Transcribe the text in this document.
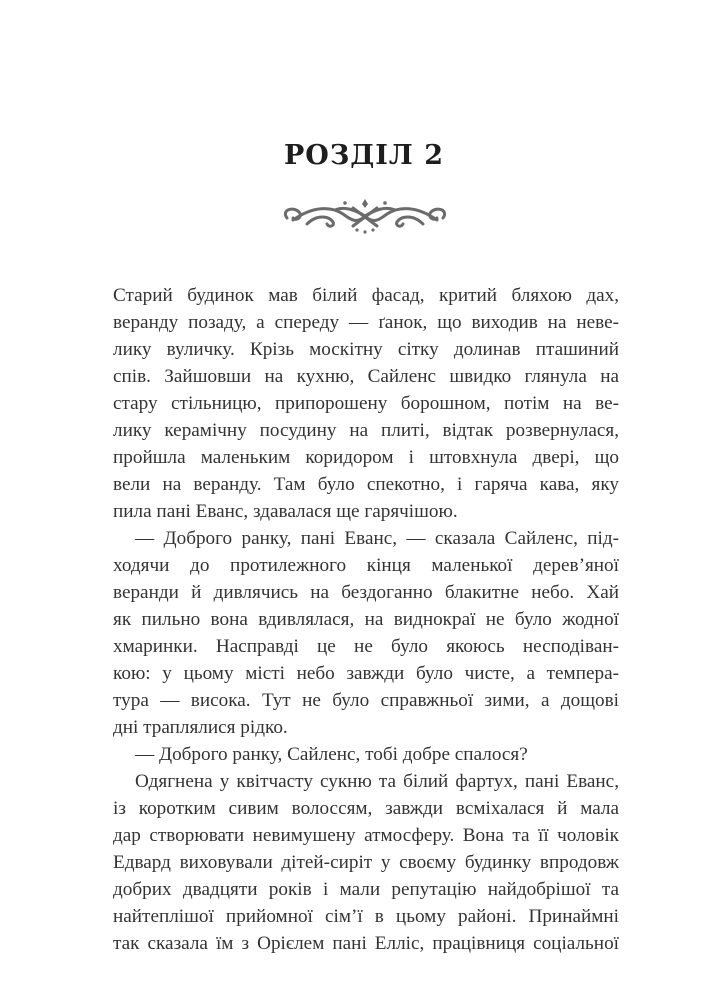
РОЗДІЛ 2
Старий будинок мав білий фасад, критий бляхою дах,
веранду позаду, а спереду — ґанок, що виходив на неве-
лику вуличку. Крізь москітну сітку долинав пташиний
спів. Зайшовши на кухню, Сайленс швидко глянула на
стару стільницю, припорошену борошном, потім на ве-
лику керамічну посудину на плиті, відтак розвернулася,
пройшла маленьким коридором і штовхнула двері, що
вели на веранду. Там було спекотно, і гаряча кава, яку
пила пані Еванс, здавалася ще гарячішою.
— Доброго ранку, пані Еванс, — сказала Сайленс, під-
ходячи до протилежного кінця маленької дерев’яної
веранди й дивлячись на бездоганно блакитне небо. Хай
як пильно вона вдивлялася, на виднокраї не було жодної
хмаринки. Насправді це не було якоюсь несподіван-
кою: у цьому місті небо завжди було чисте, а темпера-
тура — висока. Тут не було справжньої зими, а дощові
дні траплялися рідко.
— Доброго ранку, Сайленс, тобі добре спалося?
Одягнена у квітчасту сукню та білий фартух, пані Еванс,
із коротким сивим волоссям, завжди всміхалася й мала
дар створювати невимушену атмосферу. Вона та її чоловік
Едвард виховували дітей-сиріт у своєму будинку впродовж
добрих двадцяти років і мали репутацію найдобрішої та
найтеплішої прийомної сім’ї в цьому районі. Принаймні
так сказала їм з Орієлем пані Елліс, працівниця соціальної
